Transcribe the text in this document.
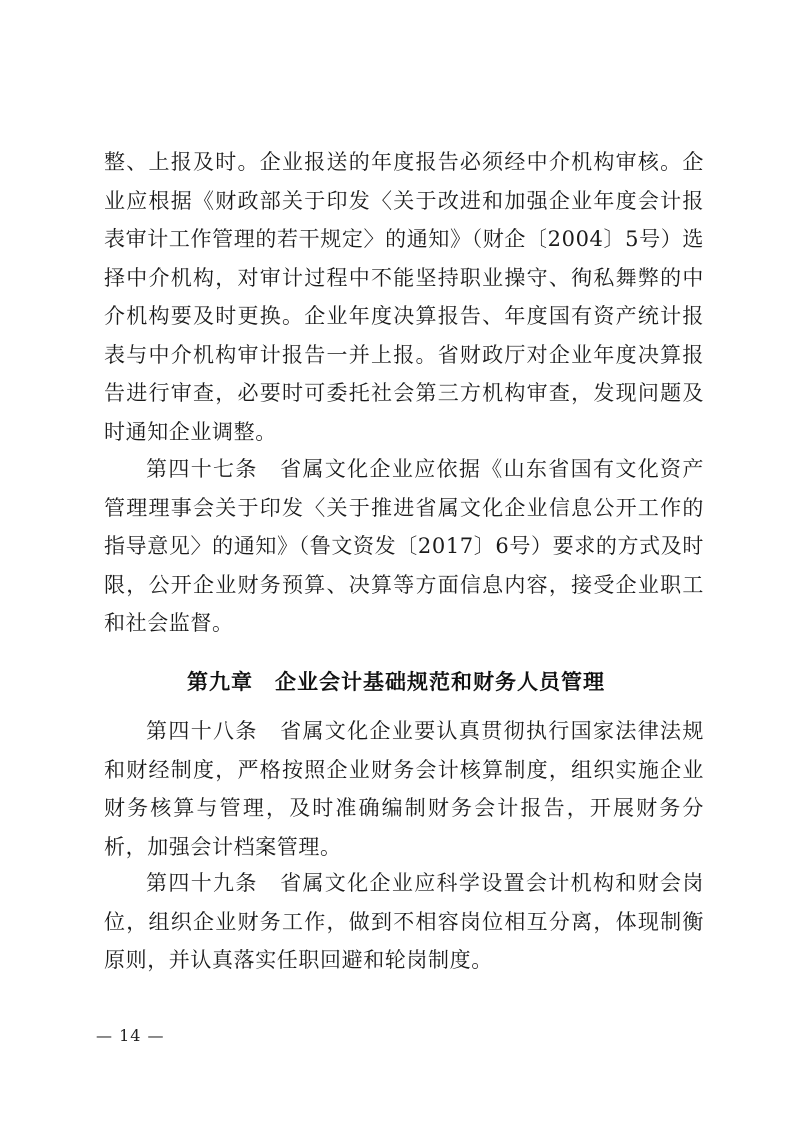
整、上报及时。企业报送的年度报告必须经中介机构审核。企业应根据《财政部关于印发〈关于改进和加强企业年度会计报表审计工作管理的若干规定〉的通知》（财企〔2004〕5号）选择中介机构，对审计过程中不能坚持职业操守、徇私舞弊的中介机构要及时更换。企业年度决算报告、年度国有资产统计报表与中介机构审计报告一并上报。省财政厅对企业年度决算报告进行审查，必要时可委托社会第三方机构审查，发现问题及时通知企业调整。

第四十七条　省属文化企业应依据《山东省国有文化资产管理理事会关于印发〈关于推进省属文化企业信息公开工作的指导意见〉的通知》（鲁文资发〔2017〕6号）要求的方式及时限，公开企业财务预算、决算等方面信息内容，接受企业职工和社会监督。

第九章 企业会计基础规范和财务人员管理

第四十八条　省属文化企业要认真贯彻执行国家法律法规和财经制度，严格按照企业财务会计核算制度，组织实施企业财务核算与管理，及时准确编制财务会计报告，开展财务分析，加强会计档案管理。

第四十九条　省属文化企业应科学设置会计机构和财会岗位，组织企业财务工作，做到不相容岗位相互分离，体现制衡原则，并认真落实任职回避和轮岗制度。

— 14 —
